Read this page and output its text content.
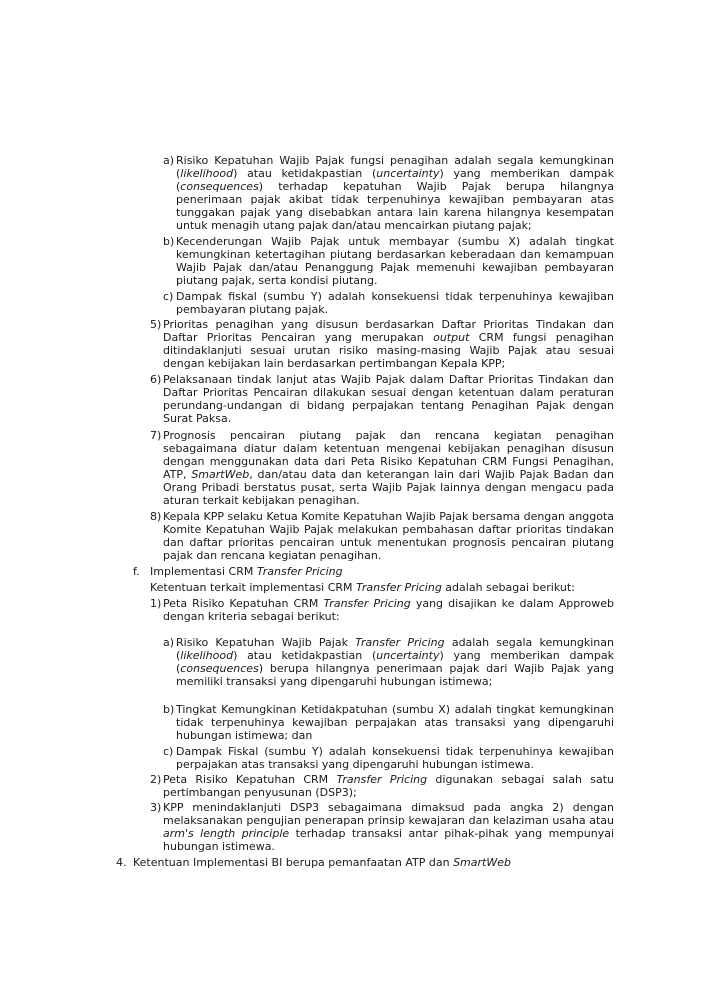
a) Risiko Kepatuhan Wajib Pajak fungsi penagihan adalah segala kemungkinan (likelihood) atau ketidakpastian (uncertainty) yang memberikan dampak (consequences) terhadap kepatuhan Wajib Pajak berupa hilangnya penerimaan pajak akibat tidak terpenuhinya kewajiban pembayaran atas tunggakan pajak yang disebabkan antara lain karena hilangnya kesempatan untuk menagih utang pajak dan/atau mencairkan piutang pajak;
b) Kecenderungan Wajib Pajak untuk membayar (sumbu X) adalah tingkat kemungkinan ketertagihan piutang berdasarkan keberadaan dan kemampuan Wajib Pajak dan/atau Penanggung Pajak memenuhi kewajiban pembayaran piutang pajak, serta kondisi piutang.
c) Dampak fiskal (sumbu Y) adalah konsekuensi tidak terpenuhinya kewajiban pembayaran piutang pajak.
5) Prioritas penagihan yang disusun berdasarkan Daftar Prioritas Tindakan dan Daftar Prioritas Pencairan yang merupakan output CRM fungsi penagihan ditindaklanjuti sesuai urutan risiko masing-masing Wajib Pajak atau sesuai dengan kebijakan lain berdasarkan pertimbangan Kepala KPP;
6) Pelaksanaan tindak lanjut atas Wajib Pajak dalam Daftar Prioritas Tindakan dan Daftar Prioritas Pencairan dilakukan sesuai dengan ketentuan dalam peraturan perundang-undangan di bidang perpajakan tentang Penagihan Pajak dengan Surat Paksa.
7) Prognosis pencairan piutang pajak dan rencana kegiatan penagihan sebagaimana diatur dalam ketentuan mengenai kebijakan penagihan disusun dengan menggunakan data dari Peta Risiko Kepatuhan CRM Fungsi Penagihan, ATP, SmartWeb, dan/atau data dan keterangan lain dari Wajib Pajak Badan dan Orang Pribadi berstatus pusat, serta Wajib Pajak lainnya dengan mengacu pada aturan terkait kebijakan penagihan.
8) Kepala KPP selaku Ketua Komite Kepatuhan Wajib Pajak bersama dengan anggota Komite Kepatuhan Wajib Pajak melakukan pembahasan daftar prioritas tindakan dan daftar prioritas pencairan untuk menentukan prognosis pencairan piutang pajak dan rencana kegiatan penagihan.
f. Implementasi CRM Transfer Pricing
Ketentuan terkait implementasi CRM Transfer Pricing adalah sebagai berikut:
1) Peta Risiko Kepatuhan CRM Transfer Pricing yang disajikan ke dalam Approweb dengan kriteria sebagai berikut:
a) Risiko Kepatuhan Wajib Pajak Transfer Pricing adalah segala kemungkinan (likelihood) atau ketidakpastian (uncertainty) yang memberikan dampak (consequences) berupa hilangnya penerimaan pajak dari Wajib Pajak yang memiliki transaksi yang dipengaruhi hubungan istimewa;
b) Tingkat Kemungkinan Ketidakpatuhan (sumbu X) adalah tingkat kemungkinan tidak terpenuhinya kewajiban perpajakan atas transaksi yang dipengaruhi hubungan istimewa; dan
c) Dampak Fiskal (sumbu Y) adalah konsekuensi tidak terpenuhinya kewajiban perpajakan atas transaksi yang dipengaruhi hubungan istimewa.
2) Peta Risiko Kepatuhan CRM Transfer Pricing digunakan sebagai salah satu pertimbangan penyusunan (DSP3);
3) KPP menindaklanjuti DSP3 sebagaimana dimaksud pada angka 2) dengan melaksanakan pengujian penerapan prinsip kewajaran dan kelaziman usaha atau arm's length principle terhadap transaksi antar pihak-pihak yang mempunyai hubungan istimewa.
4. Ketentuan Implementasi BI berupa pemanfaatan ATP dan SmartWeb
